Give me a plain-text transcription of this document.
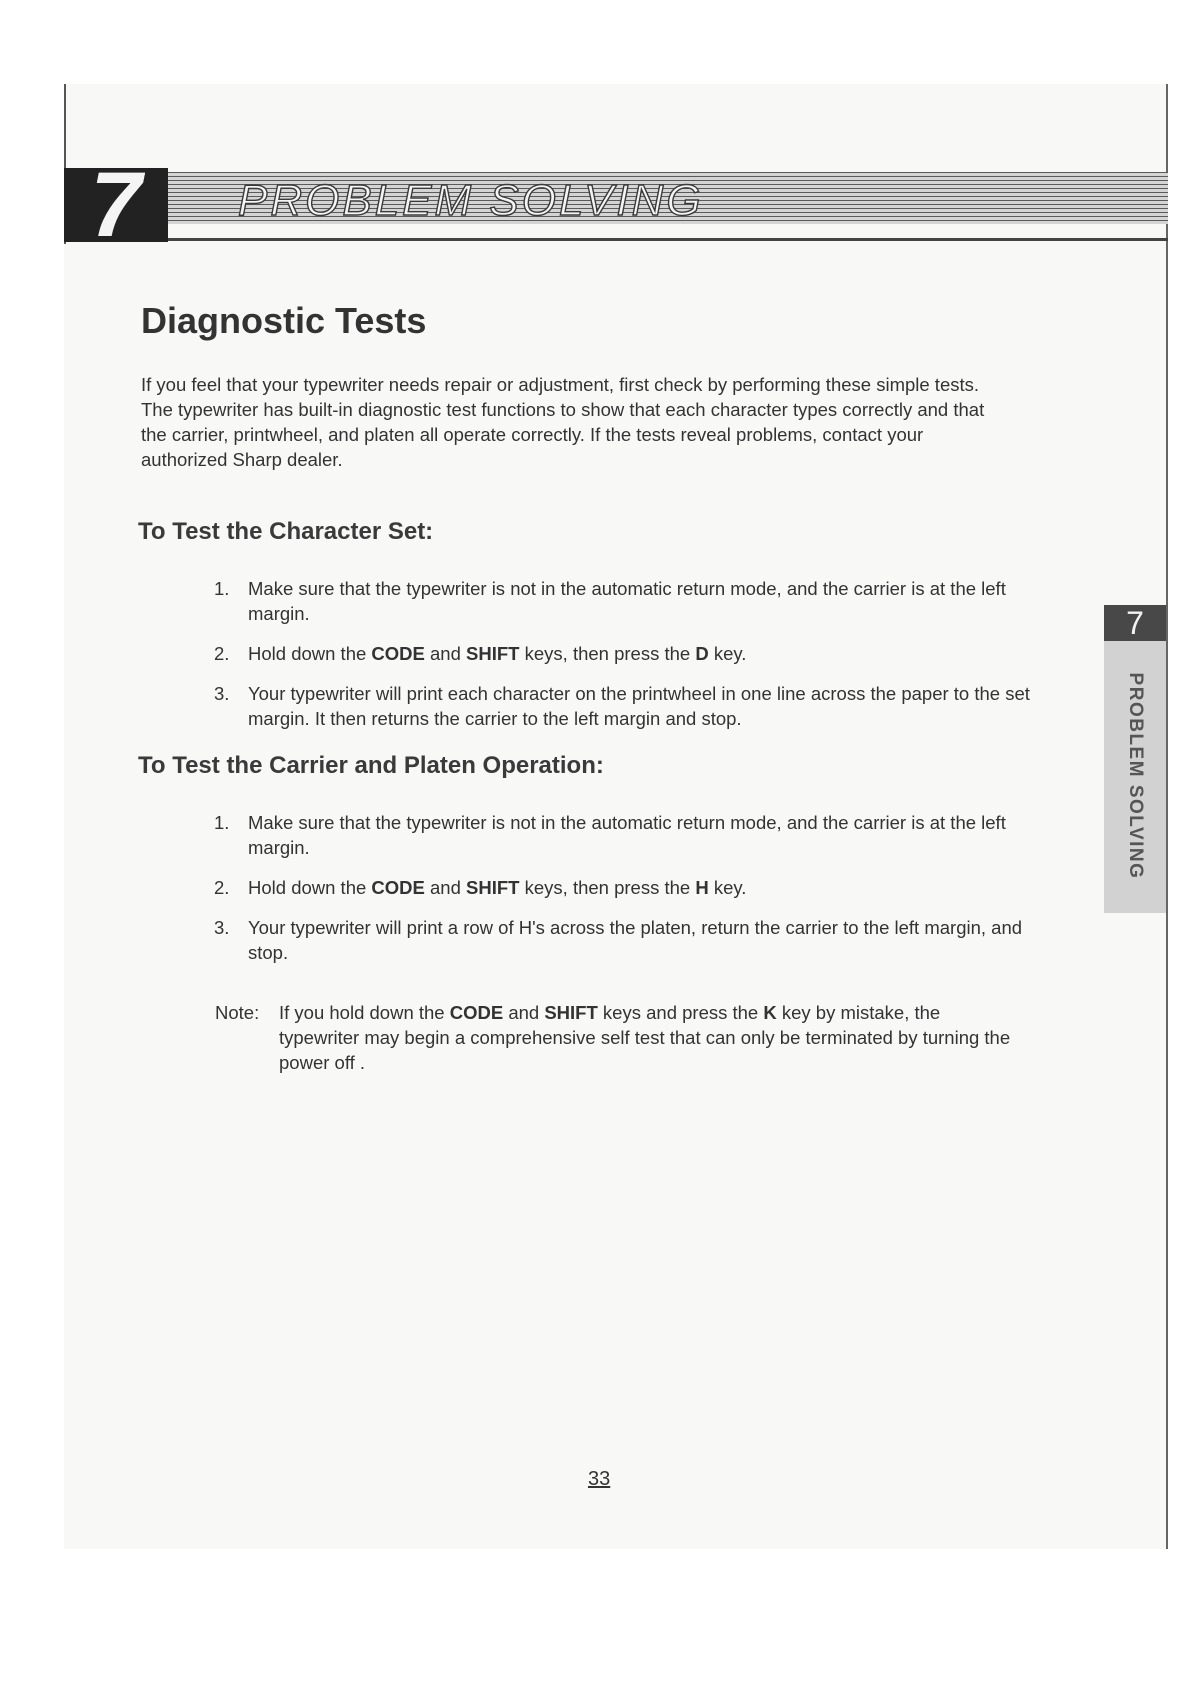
7	PROBLEM SOLVING
Diagnostic Tests
If you feel that your typewriter needs repair or adjustment, first check by performing these simple tests. The typewriter has built-in diagnostic test functions to show that each character types correctly and that the carrier, printwheel, and platen all operate correctly. If the tests reveal problems, contact your authorized Sharp dealer.
To Test the Character Set:
1. Make sure that the typewriter is not in the automatic return mode, and the carrier is at the left margin.
2. Hold down the CODE and SHIFT keys, then press the D key.
3. Your typewriter will print each character on the printwheel in one line across the paper to the set margin. It then returns the carrier to the left margin and stop.
To Test the Carrier and Platen Operation:
1. Make sure that the typewriter is not in the automatic return mode, and the carrier is at the left margin.
2. Hold down the CODE and SHIFT keys, then press the H key.
3. Your typewriter will print a row of H's across the platen, return the carrier to the left margin, and stop.
Note: If you hold down the CODE and SHIFT keys and press the K key by mistake, the typewriter may begin a comprehensive self test that can only be terminated by turning the power off .
7
PROBLEM SOLVING
33
